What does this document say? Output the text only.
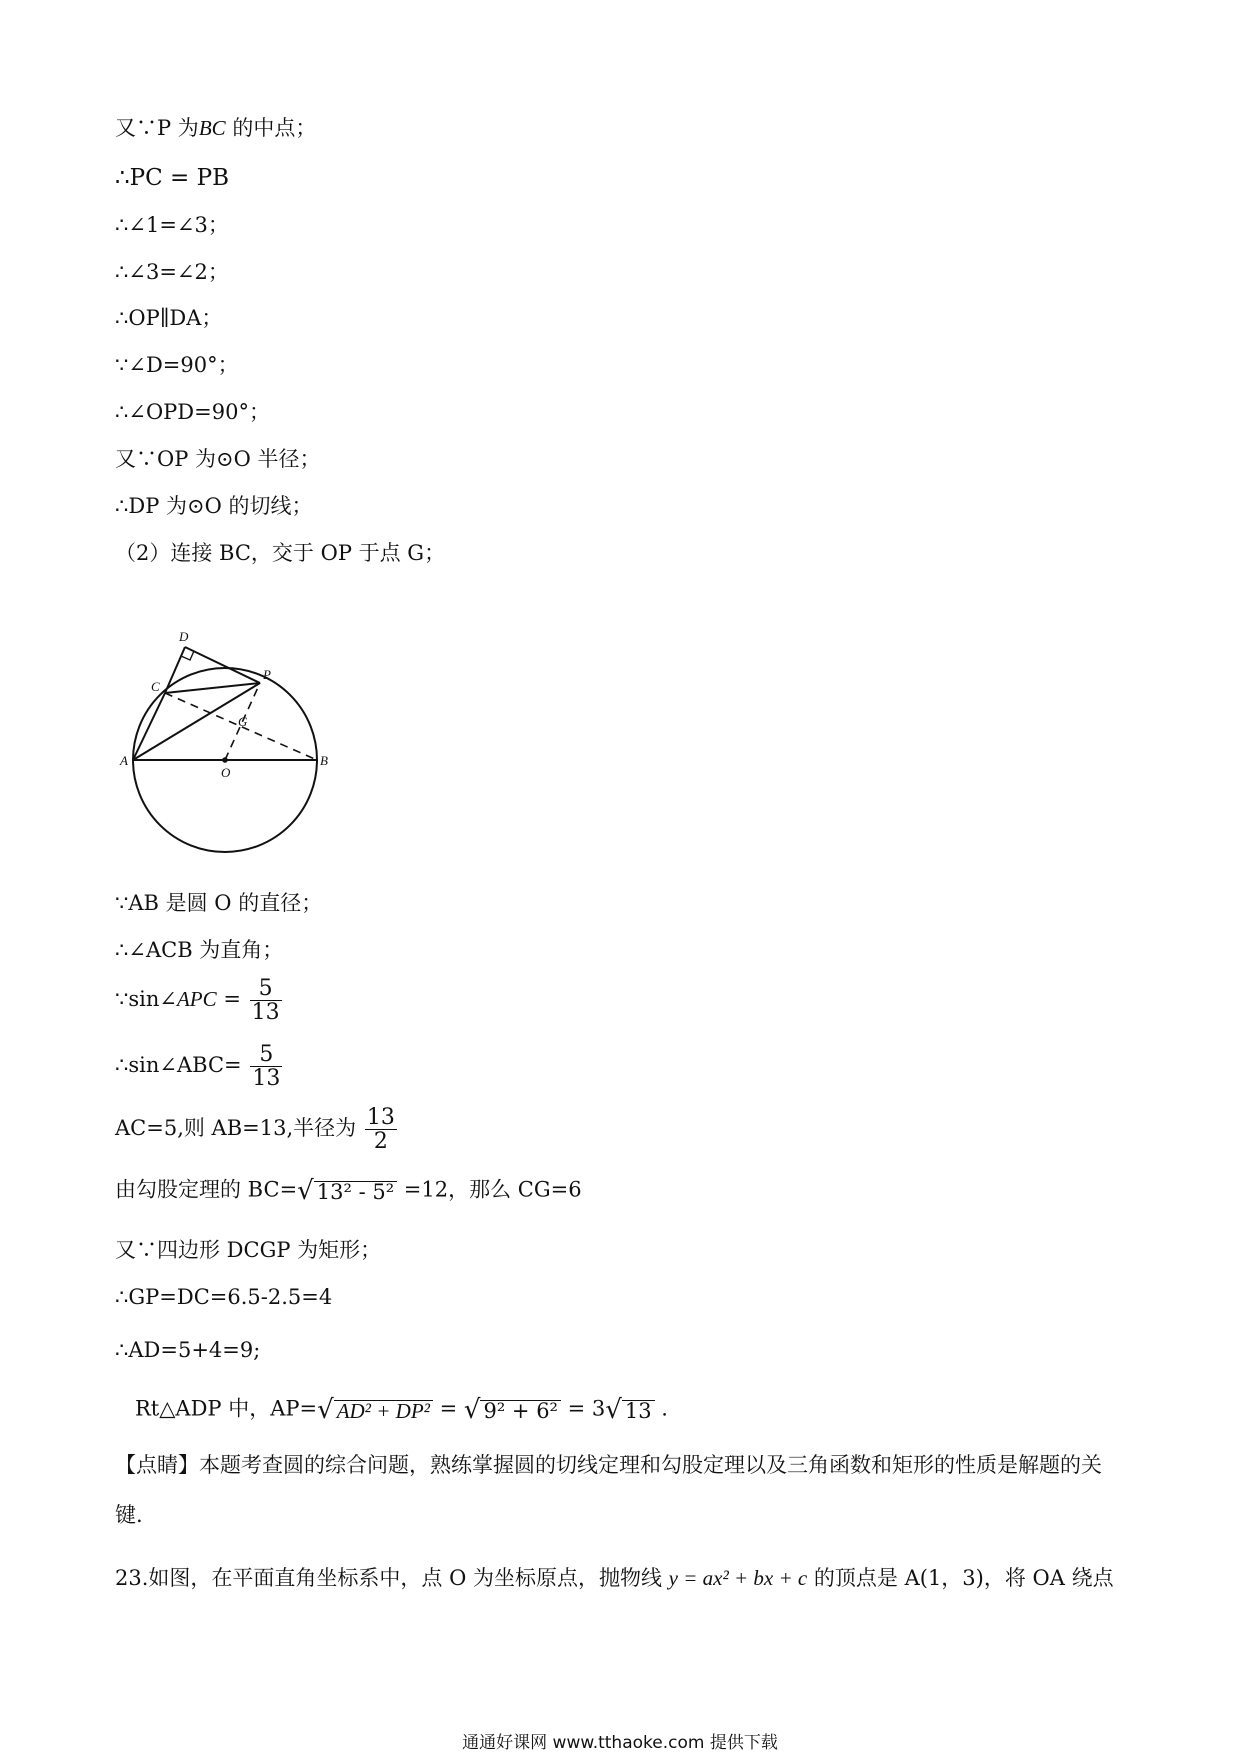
又∵P 为BC 的中点；
∴PC = PB
∴∠1=∠3；
∴∠3=∠2；
∴OP∥DA；
∵∠D=90°；
∴∠OPD=90°；
又∵OP 为⊙O 半径；
∴DP 为⊙O 的切线；
（2）连接 BC，交于 OP 于点 G；
D
C
P
G
A
O
B
∵AB 是圆 O 的直径；
∴∠ACB 为直角；
∵sin∠APC = $\frac{5}{13}$
∴sin∠ABC= $\frac{5}{13}$
AC=5,则 AB=13,半径为 $\frac{13}{2}$
由勾股定理的 BC=√ 13² - 5² =12，那么 CG=6
又∵四边形 DCGP 为矩形；
∴GP=DC=6.5-2.5=4
∴AD=5+4=9;
Rt△ADP 中，AP=√ AD² + DP² = √ 9² + 6² = 3√ 13 .
【点睛】本题考查圆的综合问题，熟练掌握圆的切线定理和勾股定理以及三角函数和矩形的性质是解题的关键.
23.如图，在平面直角坐标系中，点 O 为坐标原点，抛物线 y = ax² + bx + c 的顶点是 A(1，3)，将 OA 绕点
通通好课网 www.tthaoke.com 提供下载
